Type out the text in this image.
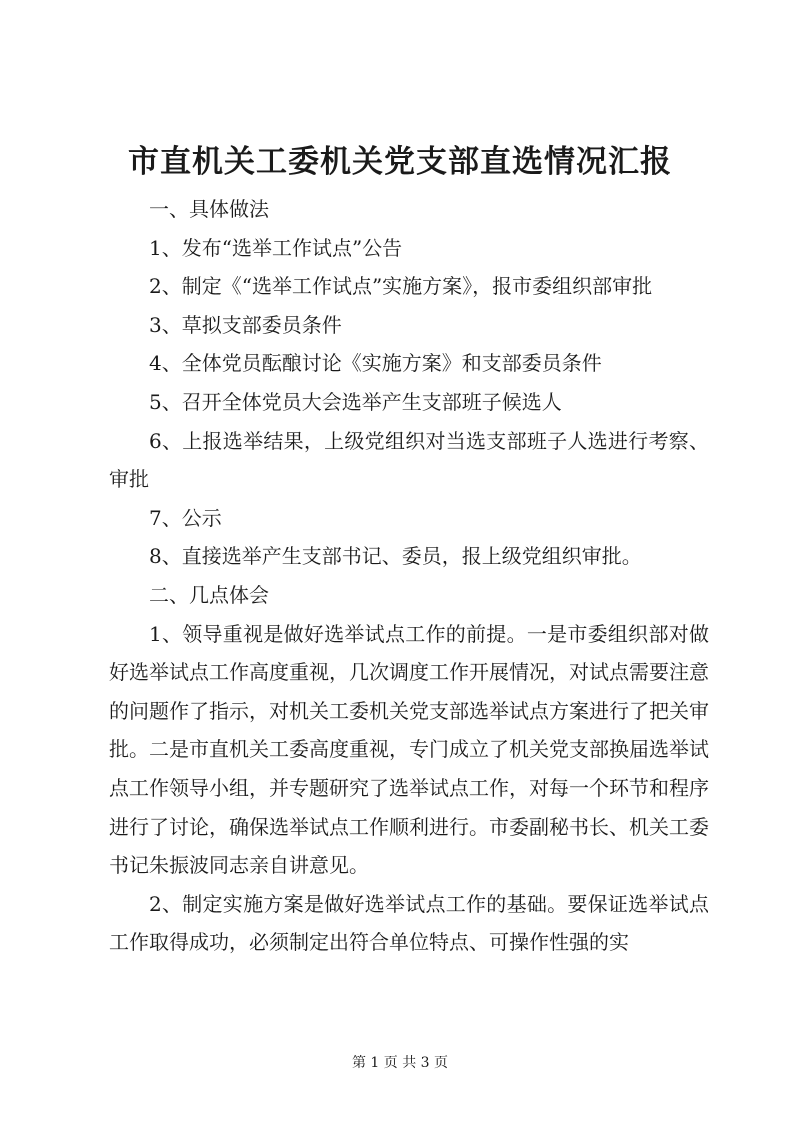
市直机关工委机关党支部直选情况汇报

一、具体做法

1、发布“选举工作试点”公告

2、制定《“选举工作试点”实施方案》，报市委组织部审批

3、草拟支部委员条件

4、全体党员酝酿讨论《实施方案》和支部委员条件

5、召开全体党员大会选举产生支部班子候选人

6、上报选举结果，上级党组织对当选支部班子人选进行考察、审批

7、公示

8、直接选举产生支部书记、委员，报上级党组织审批。

二、几点体会

1、领导重视是做好选举试点工作的前提。一是市委组织部对做好选举试点工作高度重视，几次调度工作开展情况，对试点需要注意的问题作了指示，对机关工委机关党支部选举试点方案进行了把关审批。二是市直机关工委高度重视，专门成立了机关党支部换届选举试点工作领导小组，并专题研究了选举试点工作，对每一个环节和程序进行了讨论，确保选举试点工作顺利进行。市委副秘书长、机关工委书记朱振波同志亲自讲意见。

2、制定实施方案是做好选举试点工作的基础。要保证选举试点工作取得成功，必须制定出符合单位特点、可操作性强的实

第 1 页 共 3 页
